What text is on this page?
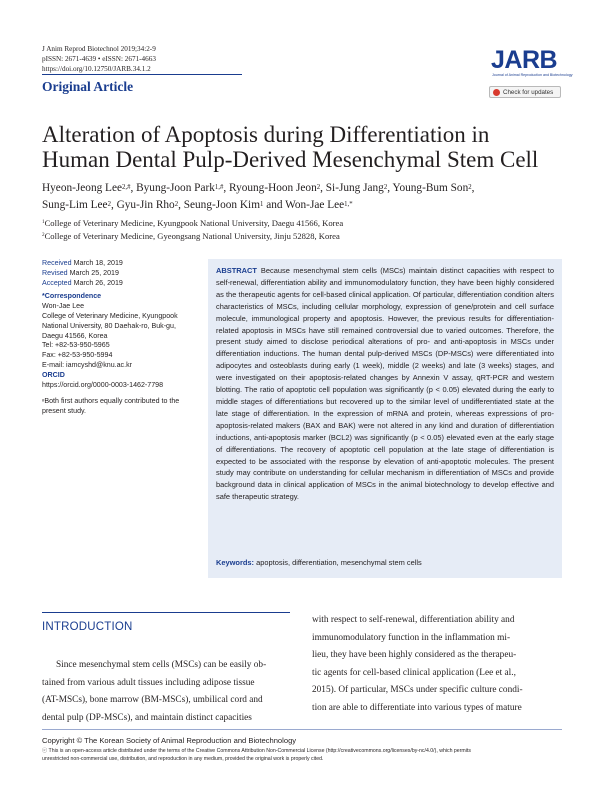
J Anim Reprod Biotechnol 2019;34:2-9
pISSN: 2671-4639 • eISSN: 2671-4663
https://doi.org/10.12750/JARB.34.1.2
Original Article
JARB
Journal of Animal Reproduction and Biotechnology
Check for updates
Alteration of Apoptosis during Differentiation in
Human Dental Pulp-Derived Mesenchymal Stem Cell
Hyeon-Jeong Lee$^{2,\#}$, Byung-Joon Park$^{1,\#}$, Ryoung-Hoon Jeon$^2$, Si-Jung Jang$^2$, Young-Bum Son$^2$,
Sung-Lim Lee$^2$, Gyu-Jin Rho$^2$, Seung-Joon Kim$^1$ and Won-Jae Lee$^{1,*}$
$^1$College of Veterinary Medicine, Kyungpook National University, Daegu 41566, Korea
$^2$College of Veterinary Medicine, Gyeongsang National University, Jinju 52828, Korea
Received March 18, 2019
Revised March 25, 2019
Accepted March 26, 2019
*Correspondence
Won-Jae Lee
College of Veterinary Medicine, Kyungpook
National University, 80 Daehak-ro, Buk-gu,
Daegu 41566, Korea
Tel: +82-53-950-5965
Fax: +82-53-950-5994
E-mail: iamcyshd@knu.ac.kr
ORCID
https://orcid.org/0000-0003-1462-7798
#Both first authors equally contributed to the
present study.
ABSTRACT Because mesenchymal stem cells (MSCs) maintain distinct capacities with respect to self-renewal, differentiation ability and immunomodulatory function, they have been highly considered as the therapeutic agents for cell-based clinical application. Of particular, differentiation condition alters characteristics of MSCs, including cellular morphology, expression of gene/protein and cell surface molecule, immunological property and apoptosis. However, the previous results for differentiation-related apoptosis in MSCs have still remained controversial due to varied outcomes. Therefore, the present study aimed to disclose periodical alterations of pro- and anti-apoptosis in MSCs under differentiation inductions. The human dental pulp-derived MSCs (DP-MSCs) were differentiated into adipocytes and osteoblasts during early (1 week), middle (2 weeks) and late (3 weeks) stages, and were investigated on their apoptosis-related changes by Annexin V assay, qRT-PCR and western blotting. The ratio of apoptotic cell population was significantly (p < 0.05) elevated during the early to middle stages of differentiations but recovered up to the similar level of undifferentiated state at the late stage of differentiation. In the expression of mRNA and protein, whereas expressions of pro-apoptosis-related makers (BAX and BAK) were not altered in any kind and duration of differentiation inductions, anti-apoptosis marker (BCL2) was significantly (p < 0.05) elevated even at the early stage of differentiations. The recovery of apoptotic cell population at the late stage of differentiation is expected to be associated with the response by elevation of anti-apoptotic molecules. The present study may contribute on understanding for cellular mechanism in differentiation of MSCs and provide background data in clinical application of MSCs in the animal biotechnology to develop effective and safe therapeutic strategy.
Keywords: apoptosis, differentiation, mesenchymal stem cells
INTRODUCTION
Since mesenchymal stem cells (MSCs) can be easily ob-
tained from various adult tissues including adipose tissue
(AT-MSCs), bone marrow (BM-MSCs), umbilical cord and
dental pulp (DP-MSCs), and maintain distinct capacities
with respect to self-renewal, differentiation ability and
immunomodulatory function in the inflammation mi-
lieu, they have been highly considered as the therapeu-
tic agents for cell-based clinical application (Lee et al.,
2015). Of particular, MSCs under specific culture condi-
tion are able to differentiate into various types of mature
Copyright © The Korean Society of Animal Reproduction and Biotechnology
ⓒ This is an open-access article distributed under the terms of the Creative Commons Attribution Non-Commercial License (http://creativecommons.org/licenses/by-nc/4.0/), which permits
unrestricted non-commercial use, distribution, and reproduction in any medium, provided the original work is properly cited.
